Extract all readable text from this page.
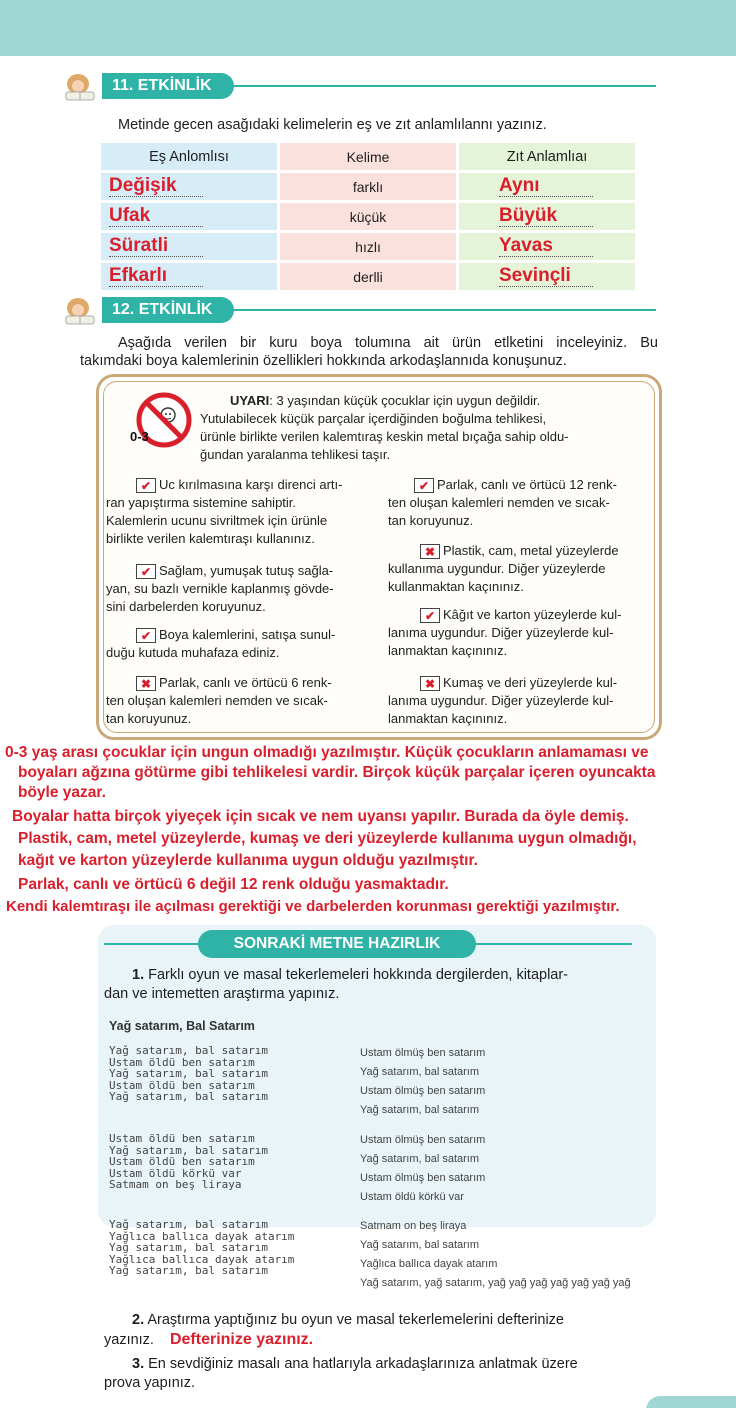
11. ETKİNLİK
Metinde gecen asağıdaki kelimelerin eş ve zıt anlamlılannı yazınız.
Eş Anlomlısı	Kelime	Zıt Anlamlıaı
Değişik	farklı	Aynı
Ufak	küçük	Büyük
Süratli	hızlı	Yavas
Efkarlı	derlli	Sevinçli
12. ETKİNLİK
Aşağıda verilen bir kuru boya tolumına ait ürün etlketini inceleyiniz. Bu
takımdaki boya kalemlerinin özellikleri hokkında arkodaşlannıda konuşunuz.
0-3
UYARI: 3 yaşından küçük çocuklar için uygun değildir.
Yutulabilecek küçük parçalar içerdiğinden boğulma tehlikesi,
ürünle birlikte verilen kalemtıraş keskin metal bıçağa sahip oldu-
ğundan yaralanma tehlikesi taşır.
✔ Uc kırılmasına karşı direnci artı-
ran yapıştırma sistemine sahiptir.
Kalemlerin ucunu sivriltmek için ürünle
birlikte verilen kalemtıraşı kullanınız.
✔ Sağlam, yumuşak tutuş sağla-
yan, su bazlı vernikle kaplanmış gövde-
sini darbelerden koruyunuz.
✔ Boya kalemlerini, satışa sunul-
duğu kutuda muhafaza ediniz.
✖ Parlak, canlı ve örtücü 6 renk-
ten oluşan kalemleri nemden ve sıcak-
tan koruyunuz.
✔ Parlak, canlı ve örtücü 12 renk-
ten oluşan kalemleri nemden ve sıcak-
tan koruyunuz.
✖ Plastik, cam, metal yüzeylerde
kullanıma uygundur. Diğer yüzeylerde
kullanmaktan kaçınınız.
✔ Kâğıt ve karton yüzeylerde kul-
lanıma uygundur. Diğer yüzeylerde kul-
lanmaktan kaçınınız.
✖ Kumaş ve deri yüzeylerde kul-
lanıma uygundur. Diğer yüzeylerde kul-
lanmaktan kaçınınız.
0-3 yaş arası çocuklar için ungun olmadığı yazılmıştır. Küçük çocukların anlamaması ve
boyaları ağzına götürme gibi tehlikelesi vardir. Birçok küçük parçalar içeren oyuncakta
böyle yazar.
Boyalar hatta birçok yiyeçek için sıcak ve nem uyansı yapılır. Burada da öyle demiş.
Plastik, cam, metel yüzeylerde, kumaş ve deri yüzeylerde kullanıma uygun olmadığı,
kağıt ve karton yüzeylerde kullanıma uygun olduğu yazılmıştır.
Parlak, canlı ve örtücü 6 değil 12 renk olduğu yasmaktadır.
Kendi kalemtıraşı ile açılması gerektiği ve darbelerden korunması gerektiği yazılmıştır.
SONRAKİ METNE HAZIRLIK
1. Farklı oyun ve masal tekerlemeleri hokkında dergilerden, kitaplar-
dan ve intemetten araştırma yapınız.
Yağ satarım, Bal Satarım
Yağ satarım, bal satarım
Ustam öldü ben satarım
Yağ satarım, bal satarım
Ustam öldü ben satarım
Yağ satarım, bal satarım
Ustam öldü ben satarım
Yağ satarım, bal satarım
Ustam öldü ben satarım
Ustam öldü körkü var
Satmam on beş liraya
Yağ satarım, bal satarım
Yağlıca ballıca dayak atarım
Yağ satarım, bal satarım
Yağlıca ballıca dayak atarım
Yağ satarım, bal satarım
Ustam ölmüş ben satarım
Yağ satarım, bal satarım
Ustam ölmüş ben satarım
Yağ satarım, bal satarım
Ustam ölmüş ben satarım
Yağ satarım, bal satarım
Ustam ölmüş ben satarım
Ustam öldü körkü var
Satmam on beş liraya
Yağ satarım, bal satarım
Yağlıca ballıca dayak atarım
Yağ satarım, yağ satarım, yağ yağ yağ yağ yağ yağ yağ
2. Araştırma yaptığınız bu oyun ve masal tekerlemelerini defterinize
yazınız. Defterinize yazınız.
3. En sevdiğiniz masalı ana hatlarıyla arkadaşlarınıza anlatmak üzere
prova yapınız.
